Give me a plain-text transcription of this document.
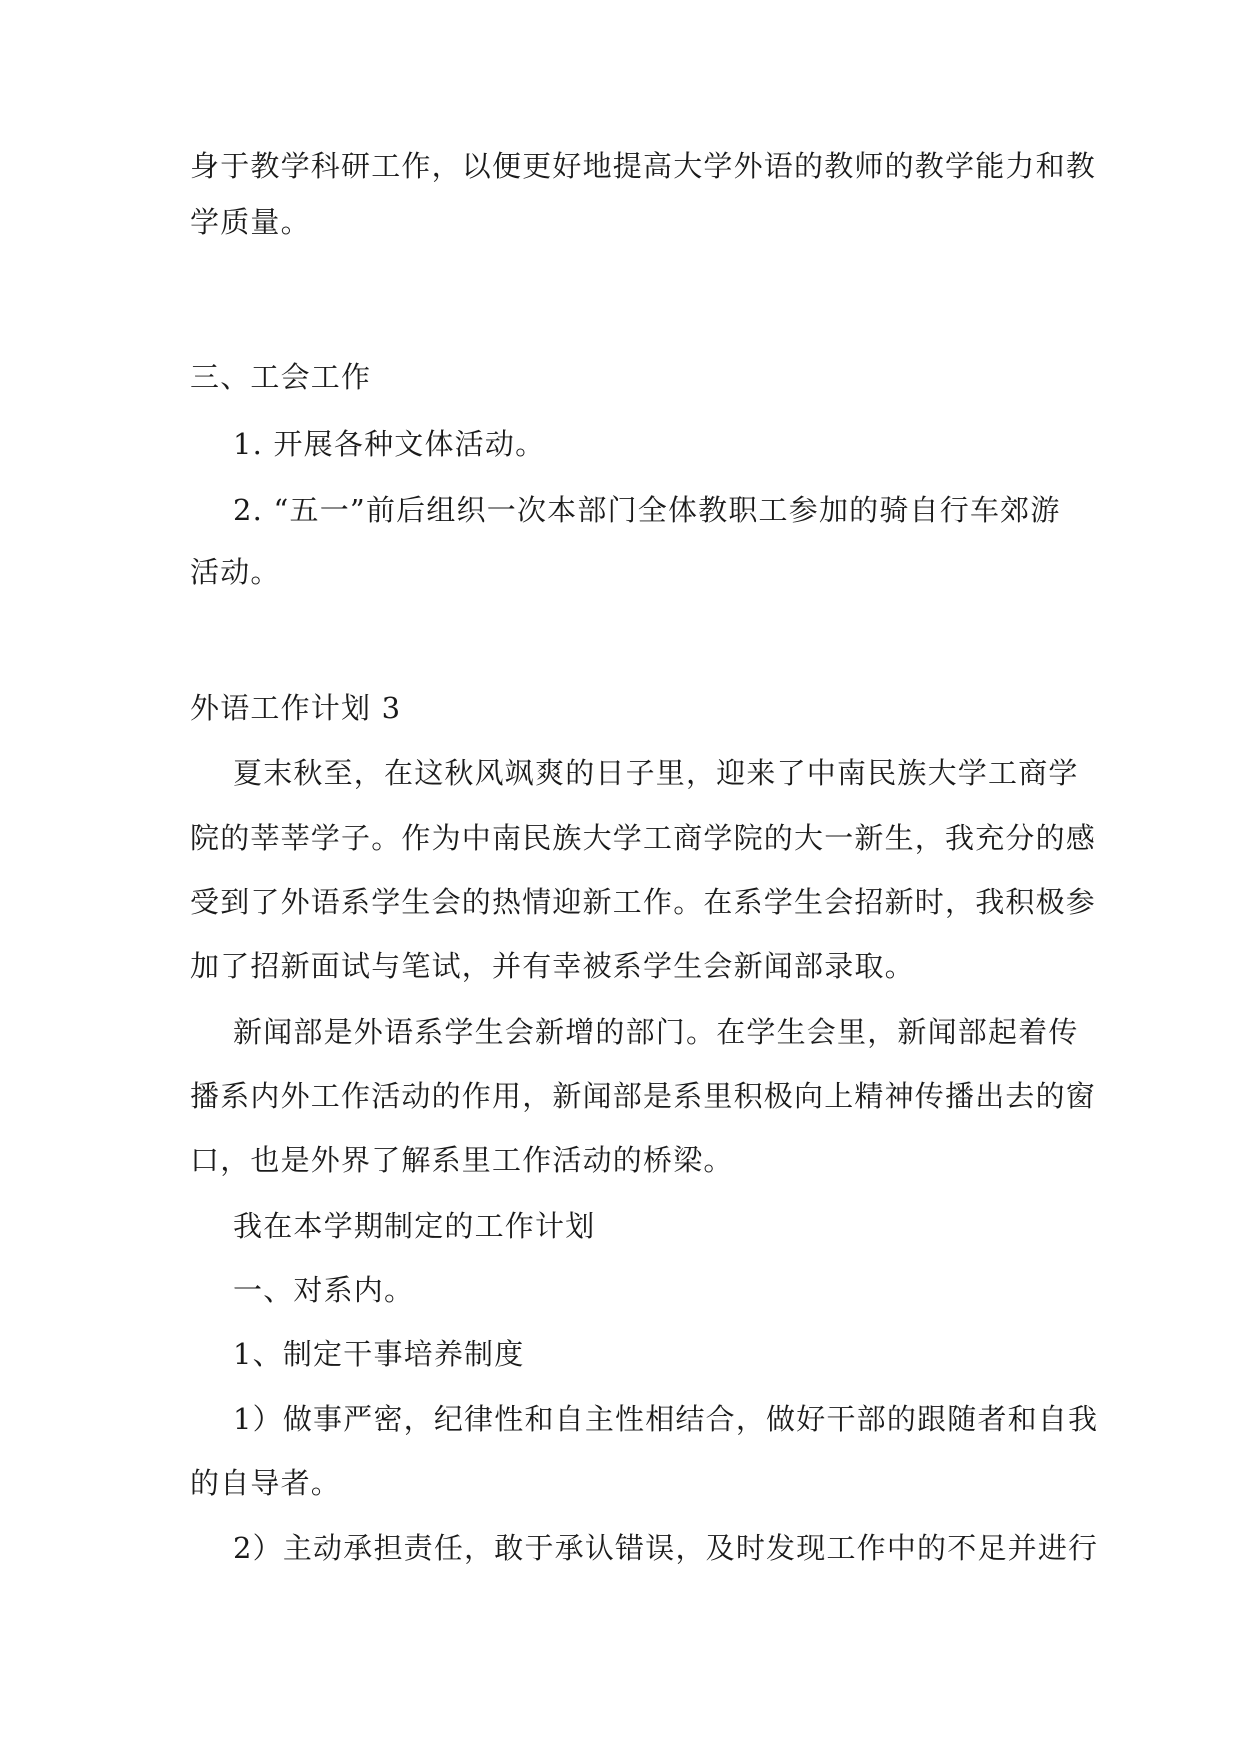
身于教学科研工作，以便更好地提高大学外语的教师的教学能力和教
学质量。
三、工会工作
1. 开展各种文体活动。
2. “五一”前后组织一次本部门全体教职工参加的骑自行车郊游
活动。
外语工作计划 3
夏末秋至，在这秋风飒爽的日子里，迎来了中南民族大学工商学
院的莘莘学子。作为中南民族大学工商学院的大一新生，我充分的感
受到了外语系学生会的热情迎新工作。在系学生会招新时，我积极参
加了招新面试与笔试，并有幸被系学生会新闻部录取。
新闻部是外语系学生会新增的部门。在学生会里，新闻部起着传
播系内外工作活动的作用，新闻部是系里积极向上精神传播出去的窗
口，也是外界了解系里工作活动的桥梁。
我在本学期制定的工作计划
一、对系内。
1、制定干事培养制度
1）做事严密，纪律性和自主性相结合，做好干部的跟随者和自我
的自导者。
2）主动承担责任，敢于承认错误，及时发现工作中的不足并进行
